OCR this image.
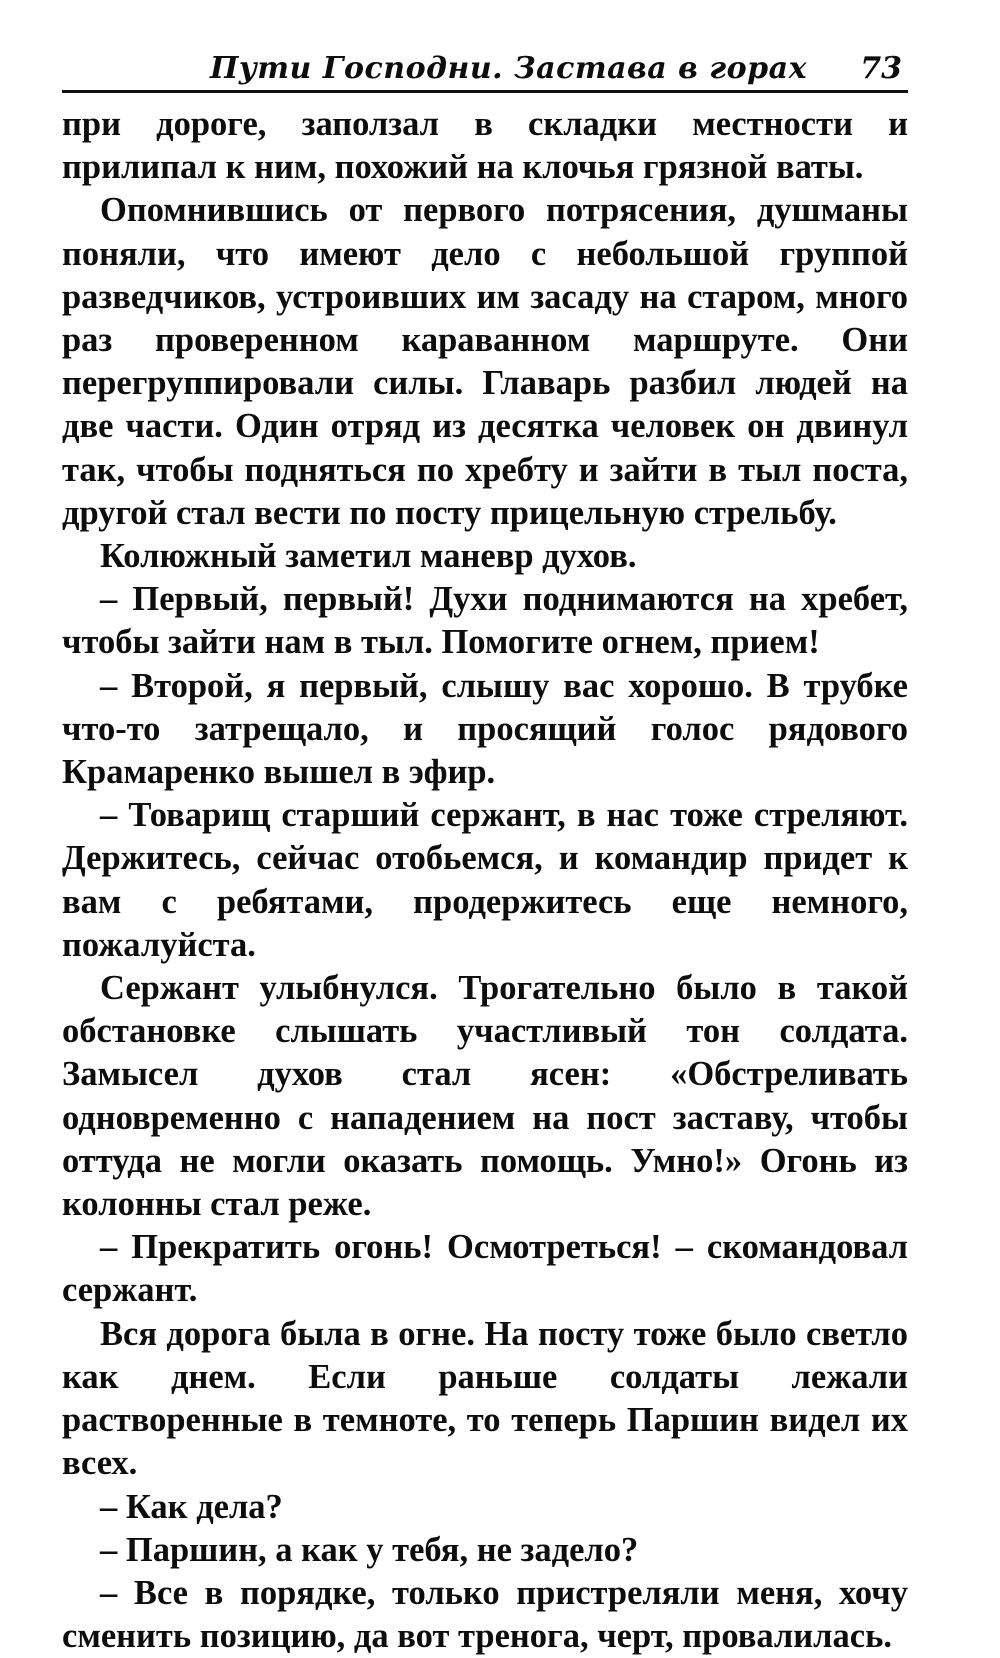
Пути Господни. Застава в горах 73

при дороге, заползал в складки местности и прилипал к ним, похожий на клочья грязной ваты.

Опомнившись от первого потрясения, душманы поняли, что имеют дело с небольшой группой разведчиков, устроивших им засаду на старом, много раз проверенном караванном маршруте. Они перегруппировали силы. Главарь разбил людей на две части. Один отряд из десятка человек он двинул так, чтобы подняться по хребту и зайти в тыл поста, другой стал вести по посту прицельную стрельбу.

Колюжный заметил маневр духов.

– Первый, первый! Духи поднимаются на хребет, чтобы зайти нам в тыл. Помогите огнем, прием!

– Второй, я первый, слышу вас хорошо. В трубке что-то затрещало, и просящий голос рядового Крамаренко вышел в эфир.

– Товарищ старший сержант, в нас тоже стреляют. Держитесь, сейчас отобьемся, и командир придет к вам с ребятами, продержитесь еще немного, пожалуйста.

Сержант улыбнулся. Трогательно было в такой обстановке слышать участливый тон солдата. Замысел духов стал ясен: «Обстреливать одновременно с нападением на пост заставу, чтобы оттуда не могли оказать помощь. Умно!» Огонь из колонны стал реже.

– Прекратить огонь! Осмотреться! – скомандовал сержант.

Вся дорога была в огне. На посту тоже было светло как днем. Если раньше солдаты лежали растворенные в темноте, то теперь Паршин видел их всех.

– Как дела?

– Паршин, а как у тебя, не задело?

– Все в порядке, только пристреляли меня, хочу сменить позицию, да вот тренога, черт, провалилась.
